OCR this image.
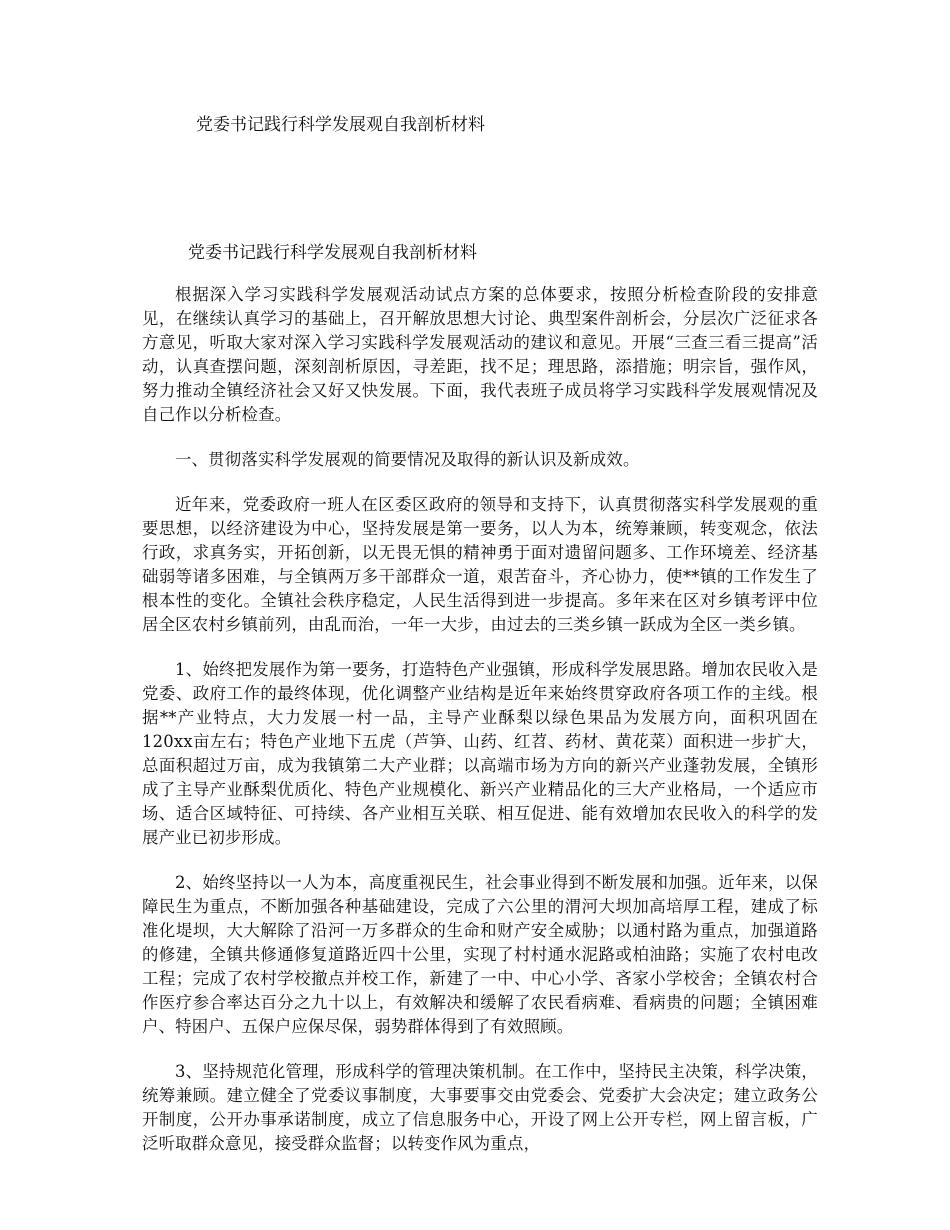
党委书记践行科学发展观自我剖析材料
党委书记践行科学发展观自我剖析材料

根据深入学习实践科学发展观活动试点方案的总体要求，按照分析检查阶段的安排意见，在继续认真学习的基础上，召开解放思想大讨论、典型案件剖析会，分层次广泛征求各方意见，听取大家对深入学习实践科学发展观活动的建议和意见。开展“三查三看三提高”活动，认真查摆问题，深刻剖析原因，寻差距，找不足；理思路，添措施；明宗旨，强作风，努力推动全镇经济社会又好又快发展。下面，我代表班子成员将学习实践科学发展观情况及自己作以分析检查。

一、贯彻落实科学发展观的简要情况及取得的新认识及新成效。

近年来，党委政府一班人在区委区政府的领导和支持下，认真贯彻落实科学发展观的重要思想，以经济建设为中心，坚持发展是第一要务，以人为本，统筹兼顾，转变观念，依法行政，求真务实，开拓创新，以无畏无惧的精神勇于面对遗留问题多、工作环境差、经济基础弱等诸多困难，与全镇两万多干部群众一道，艰苦奋斗，齐心协力，使**镇的工作发生了根本性的变化。全镇社会秩序稳定，人民生活得到进一步提高。多年来在区对乡镇考评中位居全区农村乡镇前列，由乱而治，一年一大步，由过去的三类乡镇一跃成为全区一类乡镇。

1、始终把发展作为第一要务，打造特色产业强镇，形成科学发展思路。增加农民收入是党委、政府工作的最终体现，优化调整产业结构是近年来始终贯穿政府各项工作的主线。根据**产业特点，大力发展一村一品，主导产业酥梨以绿色果品为发展方向，面积巩固在120xx亩左右；特色产业地下五虎（芦笋、山药、红苕、药材、黄花菜）面积进一步扩大，总面积超过万亩，成为我镇第二大产业群；以高端市场为方向的新兴产业蓬勃发展，全镇形成了主导产业酥梨优质化、特色产业规模化、新兴产业精品化的三大产业格局，一个适应市场、适合区域特征、可持续、各产业相互关联、相互促进、能有效增加农民收入的科学的发展产业已初步形成。

2、始终坚持以一人为本，高度重视民生，社会事业得到不断发展和加强。近年来，以保障民生为重点，不断加强各种基础建设，完成了六公里的渭河大坝加高培厚工程，建成了标准化堤坝，大大解除了沿河一万多群众的生命和财产安全威胁；以通村路为重点，加强道路的修建，全镇共修通修复道路近四十公里，实现了村村通水泥路或柏油路；实施了农村电改工程；完成了农村学校撤点并校工作，新建了一中、中心小学、吝家小学校舍；全镇农村合作医疗参合率达百分之九十以上，有效解决和缓解了农民看病难、看病贵的问题；全镇困难户、特困户、五保户应保尽保，弱势群体得到了有效照顾。

3、坚持规范化管理，形成科学的管理决策机制。在工作中，坚持民主决策，科学决策，统筹兼顾。建立健全了党委议事制度，大事要事交由党委会、党委扩大会决定；建立政务公开制度，公开办事承诺制度，成立了信息服务中心，开设了网上公开专栏，网上留言板，广泛听取群众意见，接受群众监督；以转变作风为重点，
